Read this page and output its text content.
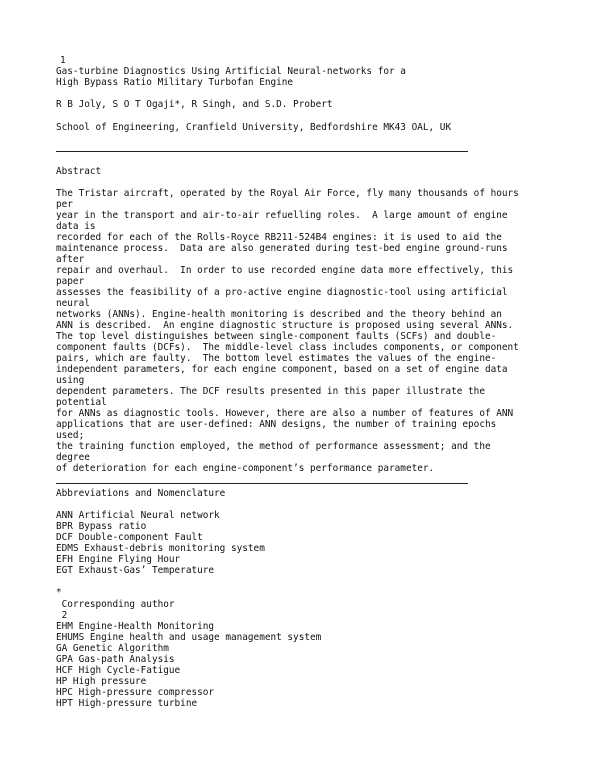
1
Gas-turbine Diagnostics Using Artificial Neural-networks for a
High Bypass Ratio Military Turbofan Engine
R B Joly, S O T Ogaji*, R Singh, and S.D. Probert
School of Engineering, Cranfield University, Bedfordshire MK43 OAL, UK
Abstract
The Tristar aircraft, operated by the Royal Air Force, fly many thousands of hours
per
year in the transport and air-to-air refuelling roles.  A large amount of engine
data is
recorded for each of the Rolls-Royce RB211-524B4 engines: it is used to aid the
maintenance process.  Data are also generated during test-bed engine ground-runs
after
repair and overhaul.  In order to use recorded engine data more effectively, this
paper
assesses the feasibility of a pro-active engine diagnostic-tool using artificial
neural
networks (ANNs). Engine-health monitoring is described and the theory behind an
ANN is described.  An engine diagnostic structure is proposed using several ANNs.
The top level distinguishes between single-component faults (SCFs) and double-
component faults (DCFs).  The middle-level class includes components, or component
pairs, which are faulty.  The bottom level estimates the values of the engine-
independent parameters, for each engine component, based on a set of engine data
using
dependent parameters. The DCF results presented in this paper illustrate the
potential
for ANNs as diagnostic tools. However, there are also a number of features of ANN
applications that are user-defined: ANN designs, the number of training epochs
used;
the training function employed, the method of performance assessment; and the
degree
of deterioration for each engine-component’s performance parameter.
Abbreviations and Nomenclature
ANN Artificial Neural network
BPR Bypass ratio
DCF Double-component Fault
EDMS Exhaust-debris monitoring system
EFH Engine Flying Hour
EGT Exhaust-Gas’ Temperature
*
Corresponding author
2
EHM Engine-Health Monitoring
EHUMS Engine health and usage management system
GA Genetic Algorithm
GPA Gas-path Analysis
HCF High Cycle-Fatigue
HP High pressure
HPC High-pressure compressor
HPT High-pressure turbine
